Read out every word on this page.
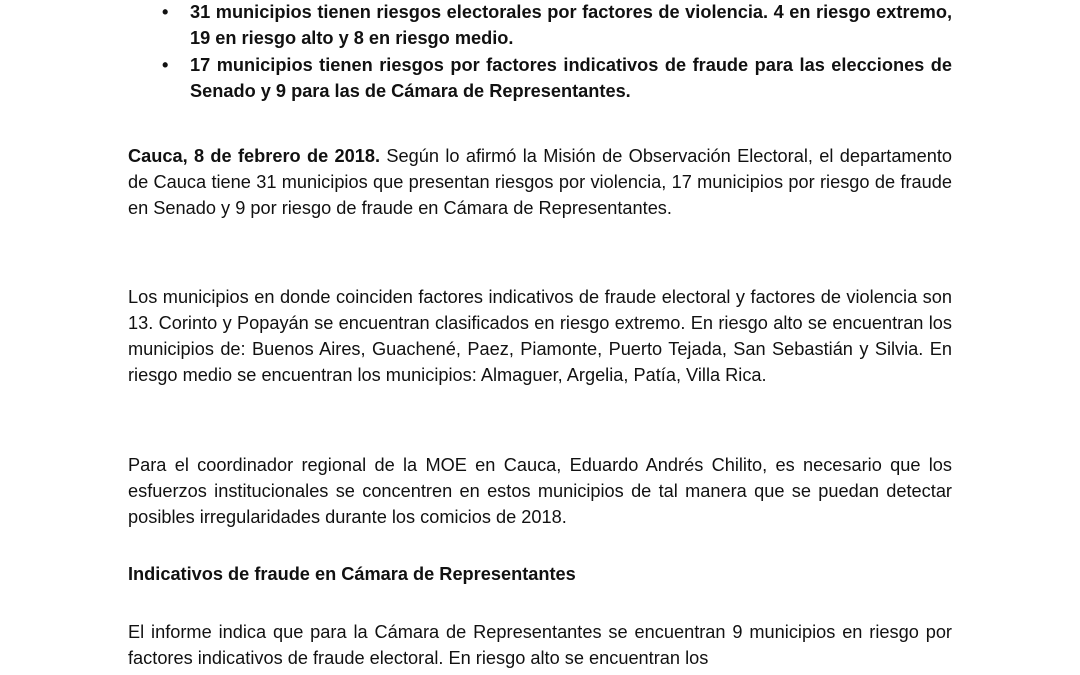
• 31 municipios tienen riesgos electorales por factores de violencia. 4 en riesgo extremo, 19 en riesgo alto y 8 en riesgo medio.
• 17 municipios tienen riesgos por factores indicativos de fraude para las elecciones de Senado y 9 para las de Cámara de Representantes.

Cauca, 8 de febrero de 2018. Según lo afirmó la Misión de Observación Electoral, el departamento de Cauca tiene 31 municipios que presentan riesgos por violencia, 17 municipios por riesgo de fraude en Senado y 9 por riesgo de fraude en Cámara de Representantes.

Los municipios en donde coinciden factores indicativos de fraude electoral y factores de violencia son 13. Corinto y Popayán se encuentran clasificados en riesgo extremo. En riesgo alto se encuentran los municipios de: Buenos Aires, Guachené, Paez, Piamonte, Puerto Tejada, San Sebastián y Silvia. En riesgo medio se encuentran los municipios: Almaguer, Argelia, Patía, Villa Rica.

Para el coordinador regional de la MOE en Cauca, Eduardo Andrés Chilito, es necesario que los esfuerzos institucionales se concentren en estos municipios de tal manera que se puedan detectar posibles irregularidades durante los comicios de 2018.

Indicativos de fraude en Cámara de Representantes

El informe indica que para la Cámara de Representantes se encuentran 9 municipios en riesgo por factores indicativos de fraude electoral. En riesgo alto se encuentran los
